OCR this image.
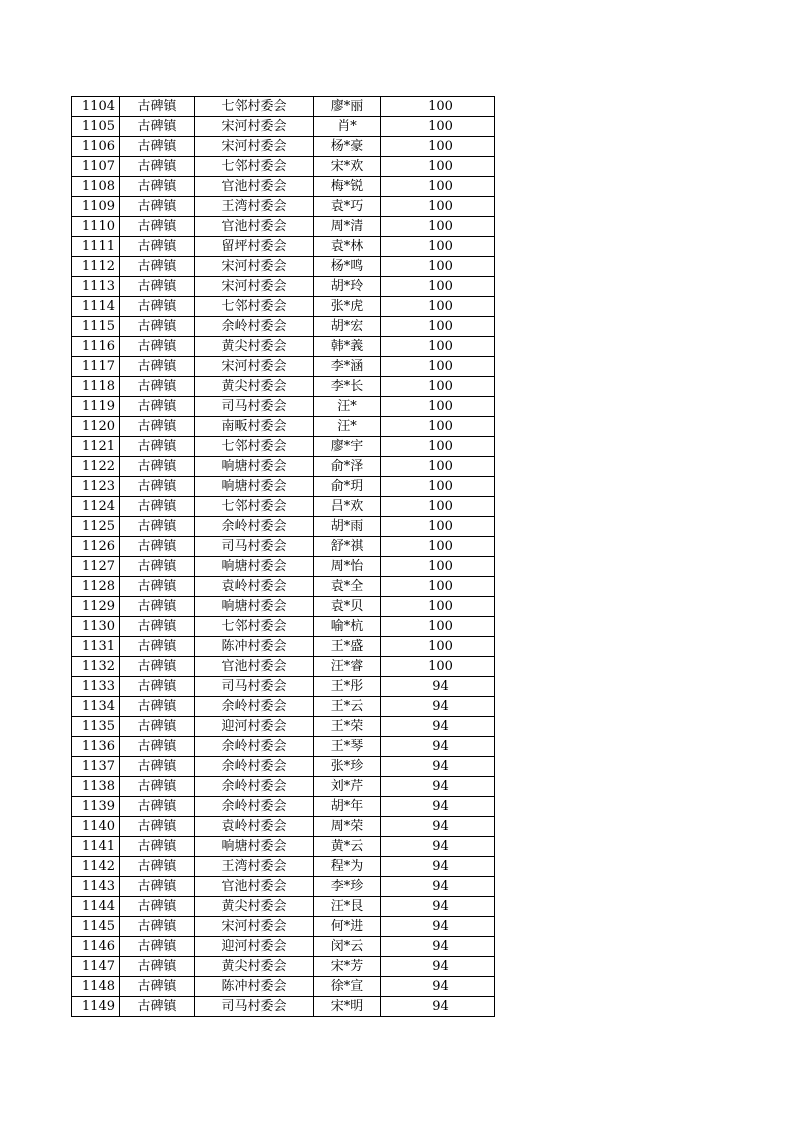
1104	古碑镇	七邻村委会	廖*丽	100
1105	古碑镇	宋河村委会	肖*	100
1106	古碑镇	宋河村委会	杨*豪	100
1107	古碑镇	七邻村委会	宋*欢	100
1108	古碑镇	官池村委会	梅*锐	100
1109	古碑镇	王湾村委会	袁*巧	100
1110	古碑镇	官池村委会	周*清	100
1111	古碑镇	留坪村委会	袁*林	100
1112	古碑镇	宋河村委会	杨*鸣	100
1113	古碑镇	宋河村委会	胡*玲	100
1114	古碑镇	七邻村委会	张*虎	100
1115	古碑镇	余岭村委会	胡*宏	100
1116	古碑镇	黄尖村委会	韩*義	100
1117	古碑镇	宋河村委会	李*涵	100
1118	古碑镇	黄尖村委会	李*长	100
1119	古碑镇	司马村委会	汪*	100
1120	古碑镇	南畈村委会	汪*	100
1121	古碑镇	七邻村委会	廖*宇	100
1122	古碑镇	响塘村委会	俞*泽	100
1123	古碑镇	响塘村委会	俞*玥	100
1124	古碑镇	七邻村委会	吕*欢	100
1125	古碑镇	余岭村委会	胡*雨	100
1126	古碑镇	司马村委会	舒*祺	100
1127	古碑镇	响塘村委会	周*怡	100
1128	古碑镇	袁岭村委会	袁*全	100
1129	古碑镇	响塘村委会	袁*贝	100
1130	古碑镇	七邻村委会	喻*杭	100
1131	古碑镇	陈冲村委会	王*盛	100
1132	古碑镇	官池村委会	汪*睿	100
1133	古碑镇	司马村委会	王*彤	94
1134	古碑镇	余岭村委会	王*云	94
1135	古碑镇	迎河村委会	王*荣	94
1136	古碑镇	余岭村委会	王*琴	94
1137	古碑镇	余岭村委会	张*珍	94
1138	古碑镇	余岭村委会	刘*芹	94
1139	古碑镇	余岭村委会	胡*年	94
1140	古碑镇	袁岭村委会	周*荣	94
1141	古碑镇	响塘村委会	黄*云	94
1142	古碑镇	王湾村委会	程*为	94
1143	古碑镇	官池村委会	李*珍	94
1144	古碑镇	黄尖村委会	汪*艮	94
1145	古碑镇	宋河村委会	何*进	94
1146	古碑镇	迎河村委会	闵*云	94
1147	古碑镇	黄尖村委会	宋*芳	94
1148	古碑镇	陈冲村委会	徐*宣	94
1149	古碑镇	司马村委会	宋*明	94
